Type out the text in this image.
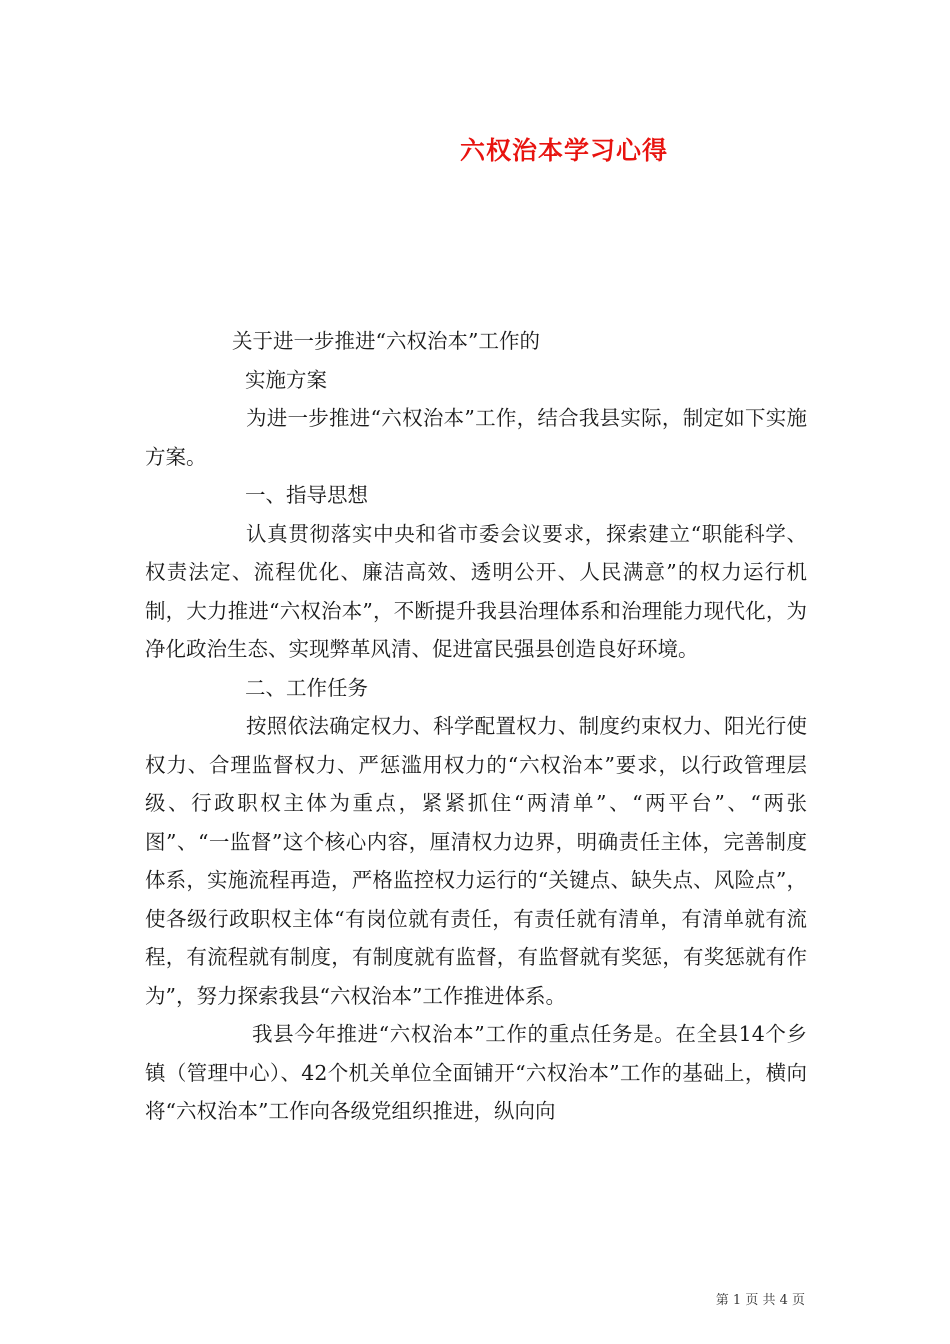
六权治本学习心得

关于进一步推进“六权治本”工作的

实施方案

为进一步推进“六权治本”工作，结合我县实际，制定如下实施方案。

一、指导思想

认真贯彻落实中央和省市委会议要求，探索建立“职能科学、权责法定、流程优化、廉洁高效、透明公开、人民满意”的权力运行机制，大力推进“六权治本”，不断提升我县治理体系和治理能力现代化，为净化政治生态、实现弊革风清、促进富民强县创造良好环境。

二、工作任务

按照依法确定权力、科学配置权力、制度约束权力、阳光行使权力、合理监督权力、严惩滥用权力的“六权治本”要求，以行政管理层级、行政职权主体为重点，紧紧抓住“两清单”、“两平台”、“两张图”、“一监督”这个核心内容，厘清权力边界，明确责任主体，完善制度体系，实施流程再造，严格监控权力运行的“关键点、缺失点、风险点”，使各级行政职权主体“有岗位就有责任，有责任就有清单，有清单就有流程，有流程就有制度，有制度就有监督，有监督就有奖惩，有奖惩就有作为”，努力探索我县“六权治本”工作推进体系。

我县今年推进“六权治本”工作的重点任务是。在全县14个乡镇（管理中心）、42个机关单位全面铺开“六权治本”工作的基础上，横向将“六权治本”工作向各级党组织推进，纵向向

第 1 页 共 4 页
